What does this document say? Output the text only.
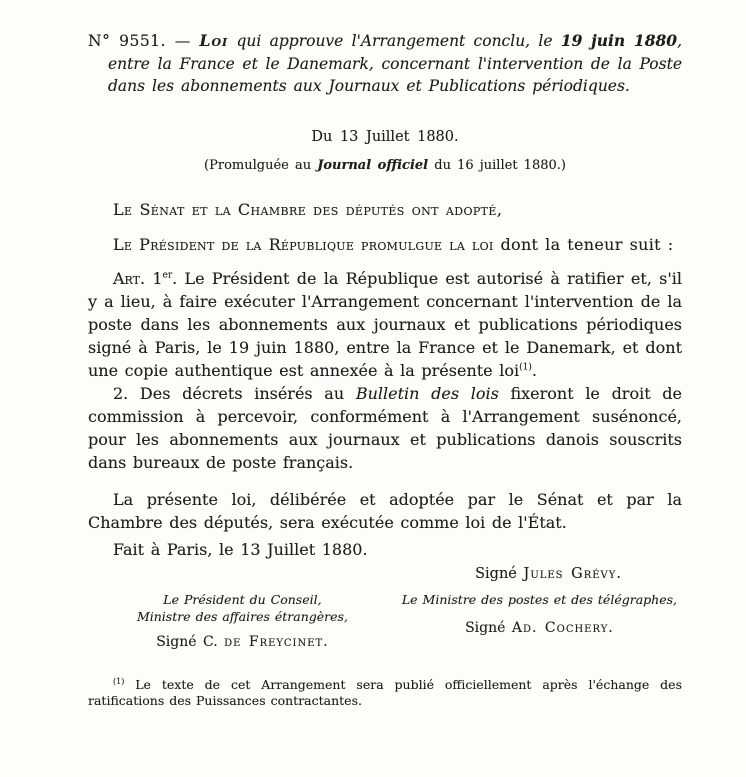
N° 9551. — Loi qui approuve l'Arrangement conclu, le 19 juin 1880, entre la France et le Danemark, concernant l'intervention de la Poste dans les abonnements aux Journaux et Publications périodiques.

Du 13 Juillet 1880.

(Promulguée au Journal officiel du 16 juillet 1880.)

Le Sénat et la Chambre des députés ont adopté,

Le Président de la République promulgue la loi dont la teneur suit :

Art. 1er. Le Président de la République est autorisé à ratifier et, s'il y a lieu, à faire exécuter l'Arrangement concernant l'intervention de la poste dans les abonnements aux journaux et publications périodiques signé à Paris, le 19 juin 1880, entre la France et le Danemark, et dont une copie authentique est annexée à la présente loi$^{(1)}$.

2. Des décrets insérés au Bulletin des lois fixeront le droit de commission à percevoir, conformément à l'Arrangement susénoncé, pour les abonnements aux journaux et publications danois souscrits dans bureaux de poste français.

La présente loi, délibérée et adoptée par le Sénat et par la Chambre des députés, sera exécutée comme loi de l'État.

Fait à Paris, le 13 Juillet 1880.

Signé Jules Grévy.

Le Président du Conseil,

Ministre des affaires étrangères,

Signé C. de Freycinet.

Le Ministre des postes et des télégraphes,

Signé Ad. Cochery.

$^{(1)}$ Le texte de cet Arrangement sera publié officiellement après l'échange des ratifications des Puissances contractantes.
